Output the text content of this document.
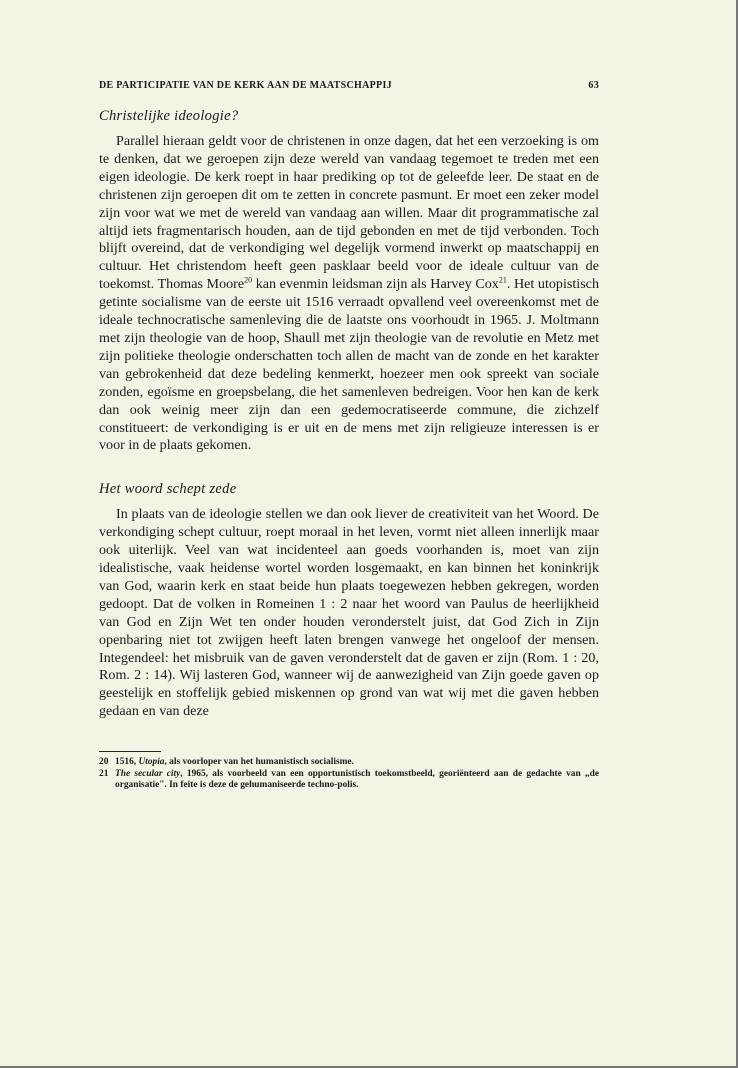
DE PARTICIPATIE VAN DE KERK AAN DE MAATSCHAPPIJ	63
Christelijke ideologie?

Parallel hieraan geldt voor de christenen in onze dagen, dat het een verzoeking is om te denken, dat we geroepen zijn deze wereld van vandaag tegemoet te treden met een eigen ideologie. De kerk roept in haar prediking op tot de geleefde leer. De staat en de christenen zijn geroepen dit om te zetten in concrete pasmunt. Er moet een zeker model zijn voor wat we met de wereld van vandaag aan willen. Maar dit programmatische zal altijd iets fragmentarisch houden, aan de tijd gebonden en met de tijd verbonden. Toch blijft overeind, dat de verkondiging wel degelijk vormend inwerkt op maatschappij en cultuur. Het christendom heeft geen pasklaar beeld voor de ideale cultuur van de toekomst. Thomas Moore$^{20}$ kan evenmin leidsman zijn als Harvey Cox$^{21}$. Het utopistisch getinte socialisme van de eerste uit 1516 verraadt opvallend veel overeenkomst met de ideale technocratische samenleving die de laatste ons voorhoudt in 1965. J. Moltmann met zijn theologie van de hoop, Shaull met zijn theologie van de revolutie en Metz met zijn politieke theologie onderschatten toch allen de macht van de zonde en het karakter van gebrokenheid dat deze bedeling kenmerkt, hoezeer men ook spreekt van sociale zonden, egoïsme en groepsbelang, die het samenleven bedreigen. Voor hen kan de kerk dan ook weinig meer zijn dan een gedemocratiseerde commune, die zichzelf constitueert: de verkondiging is er uit en de mens met zijn religieuze interessen is er voor in de plaats gekomen.

Het woord schept zede

In plaats van de ideologie stellen we dan ook liever de creativiteit van het Woord. De verkondiging schept cultuur, roept moraal in het leven, vormt niet alleen innerlijk maar ook uiterlijk. Veel van wat incidenteel aan goeds voorhanden is, moet van zijn idealistische, vaak heidense wortel worden losgemaakt, en kan binnen het koninkrijk van God, waarin kerk en staat beide hun plaats toegewezen hebben gekregen, worden gedoopt. Dat de volken in Romeinen 1 : 2 naar het woord van Paulus de heerlijkheid van God en Zijn Wet ten onder houden veronderstelt juist, dat God Zich in Zijn openbaring niet tot zwijgen heeft laten brengen vanwege het ongeloof der mensen. Integendeel: het misbruik van de gaven veronderstelt dat de gaven er zijn (Rom. 1 : 20, Rom. 2 : 14). Wij lasteren God, wanneer wij de aanwezigheid van Zijn goede gaven op geestelijk en stoffelijk gebied miskennen op grond van wat wij met die gaven hebben gedaan en van deze

20 1516, Utopia, als voorloper van het humanistisch socialisme.
21 The secular city, 1965, als voorbeeld van een opportunistisch toekomstbeeld, georiënteerd aan de gedachte van „de organisatie". In feite is deze de gehumaniseerde techno-polis.
